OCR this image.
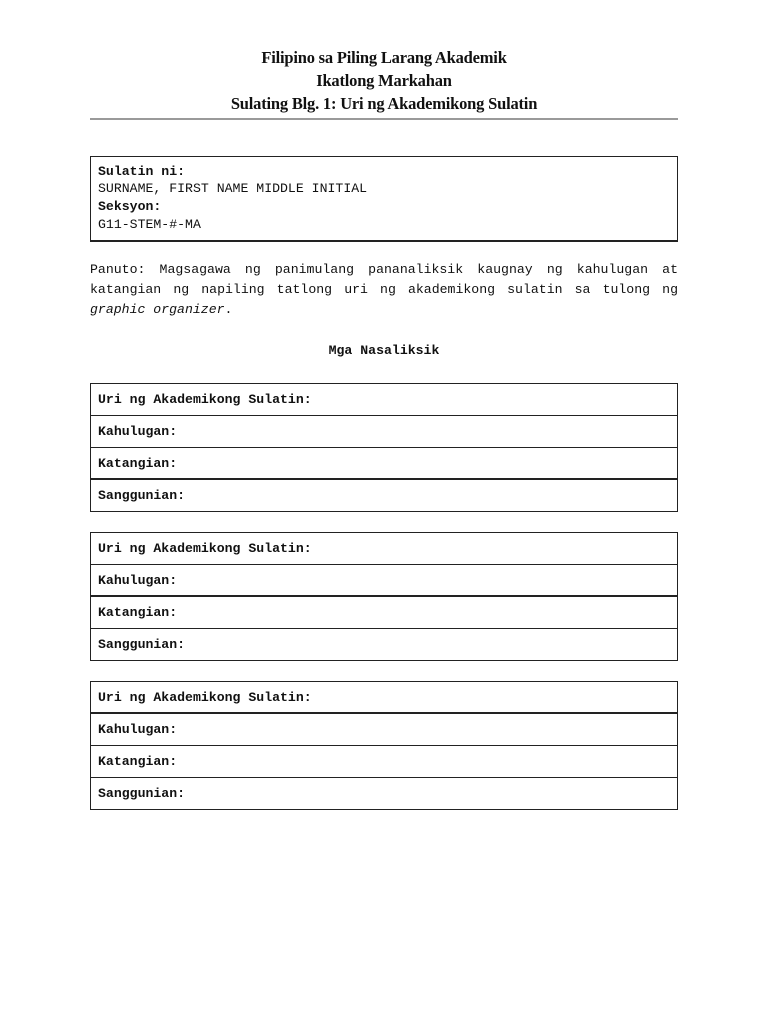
Filipino sa Piling Larang Akademik
Ikatlong Markahan
Sulating Blg. 1: Uri ng Akademikong Sulatin
Sulatin ni:
SURNAME, FIRST NAME MIDDLE INITIAL
Seksyon:
G11-STEM-#-MA
Panuto: Magsagawa ng panimulang pananaliksik kaugnay ng kahulugan at katangian ng napiling tatlong uri ng akademikong sulatin sa tulong ng graphic organizer.
Mga Nasaliksik
Uri ng Akademikong Sulatin:
Kahulugan:
Katangian:
Sanggunian:
Uri ng Akademikong Sulatin:
Kahulugan:
Katangian:
Sanggunian:
Uri ng Akademikong Sulatin:
Kahulugan:
Katangian:
Sanggunian:
